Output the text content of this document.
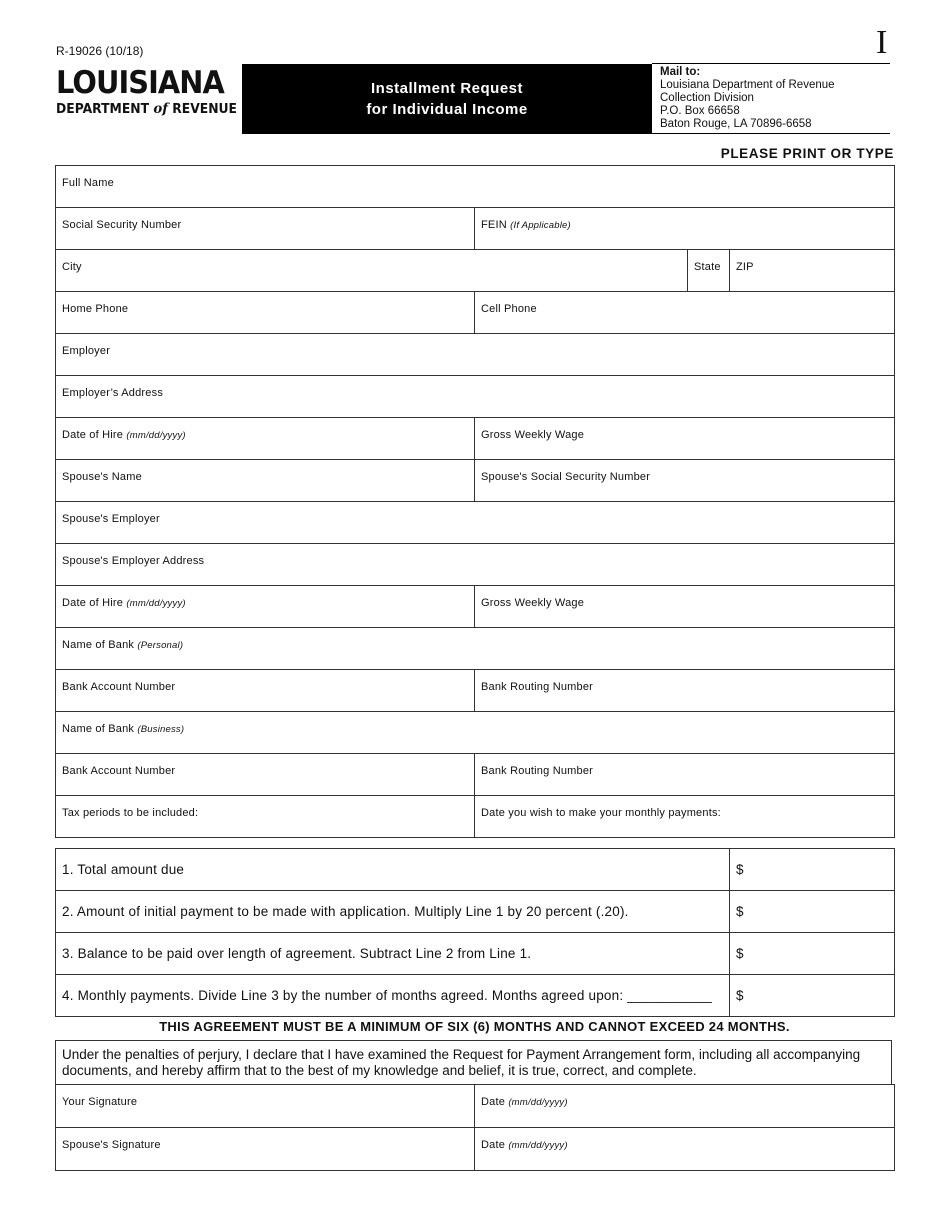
R-19026 (10/18)	I
LOUISIANA
DEPARTMENT of REVENUE
Installment Request
for Individual Income
Mail to:
Louisiana Department of Revenue
Collection Division
P.O. Box 66658
Baton Rouge, LA 70896-6658
PLEASE PRINT OR TYPE
Full Name			
Social Security Number	FEIN (If Applicable)		
City		State	ZIP
Home Phone	Cell Phone		
Employer			
Employer’s Address			
Date of Hire (mm/dd/yyyy)	Gross Weekly Wage		
Spouse's Name	Spouse's Social Security Number		
Spouse's Employer			
Spouse's Employer Address			
Date of Hire (mm/dd/yyyy)	Gross Weekly Wage		
Name of Bank (Personal)			
Bank Account Number	Bank Routing Number		
Name of Bank (Business)			
Bank Account Number	Bank Routing Number		
Tax periods to be included:	Date you wish to make your monthly payments:		
1. Total amount due	$
2. Amount of initial payment to be made with application. Multiply Line 1 by 20 percent (.20).	$
3. Balance to be paid over length of agreement. Subtract Line 2 from Line 1.	$
4. Monthly payments. Divide Line 3 by the number of months agreed. Months agreed upon: ___________	$
THIS AGREEMENT MUST BE A MINIMUM OF SIX (6) MONTHS AND CANNOT EXCEED 24 MONTHS.
Under the penalties of perjury, I declare that I have examined the Request for Payment Arrangement form, including all accompanying documents, and hereby affirm that to the best of my knowledge and belief, it is true, correct, and complete.
Your Signature	Date (mm/dd/yyyy)
Spouse's Signature	Date (mm/dd/yyyy)
